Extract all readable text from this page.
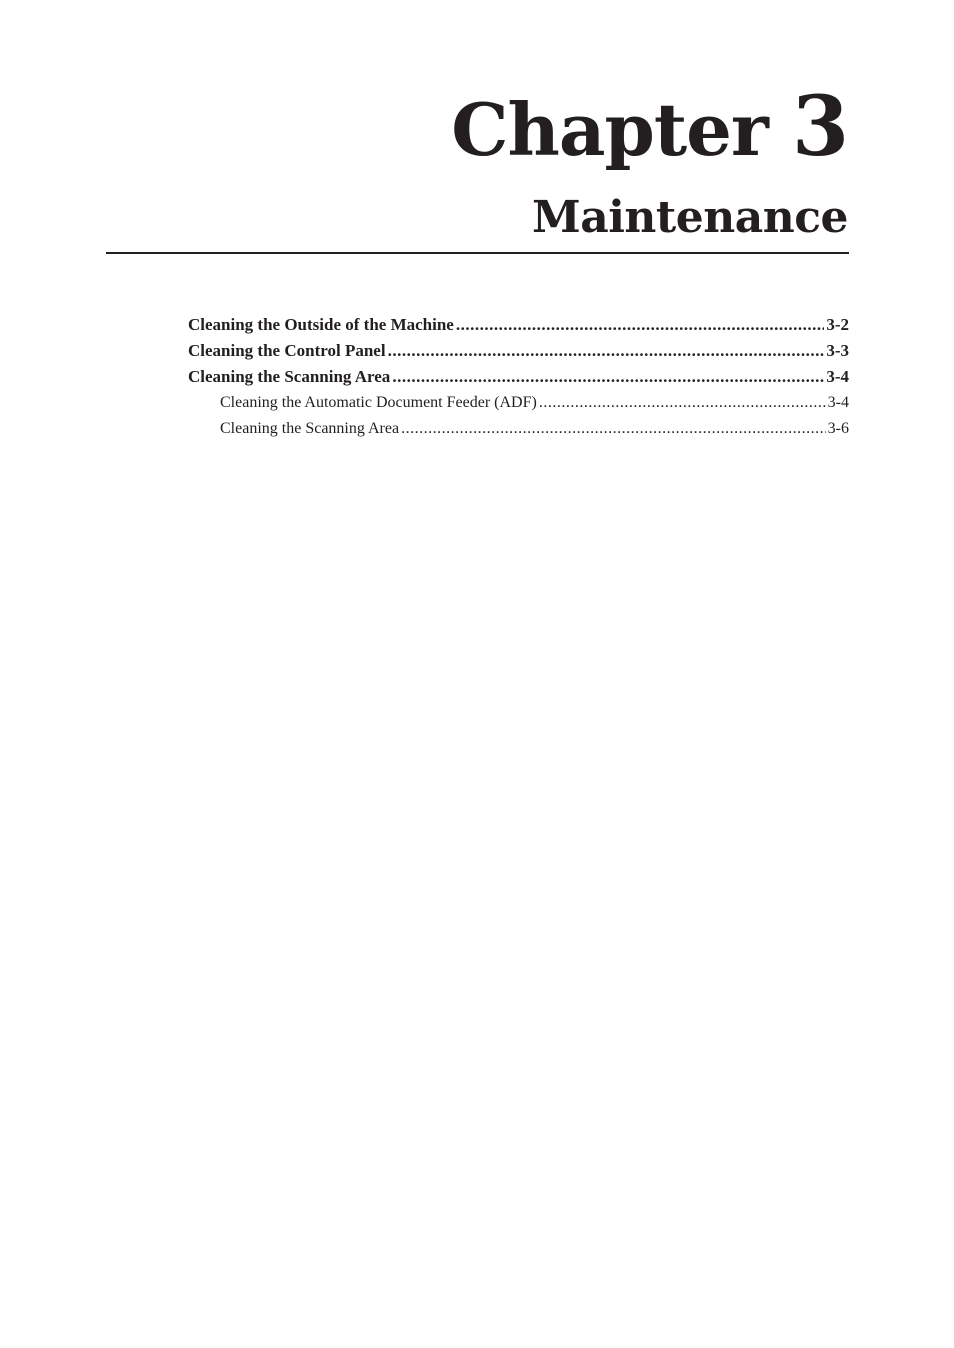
Chapter 3
Maintenance
Cleaning the Outside of the Machine .....	3-2
Cleaning the Control Panel .....	3-3
Cleaning the Scanning Area .....	3-4
Cleaning the Automatic Document Feeder (ADF) .....	3-4
Cleaning the Scanning Area .....	3-6
